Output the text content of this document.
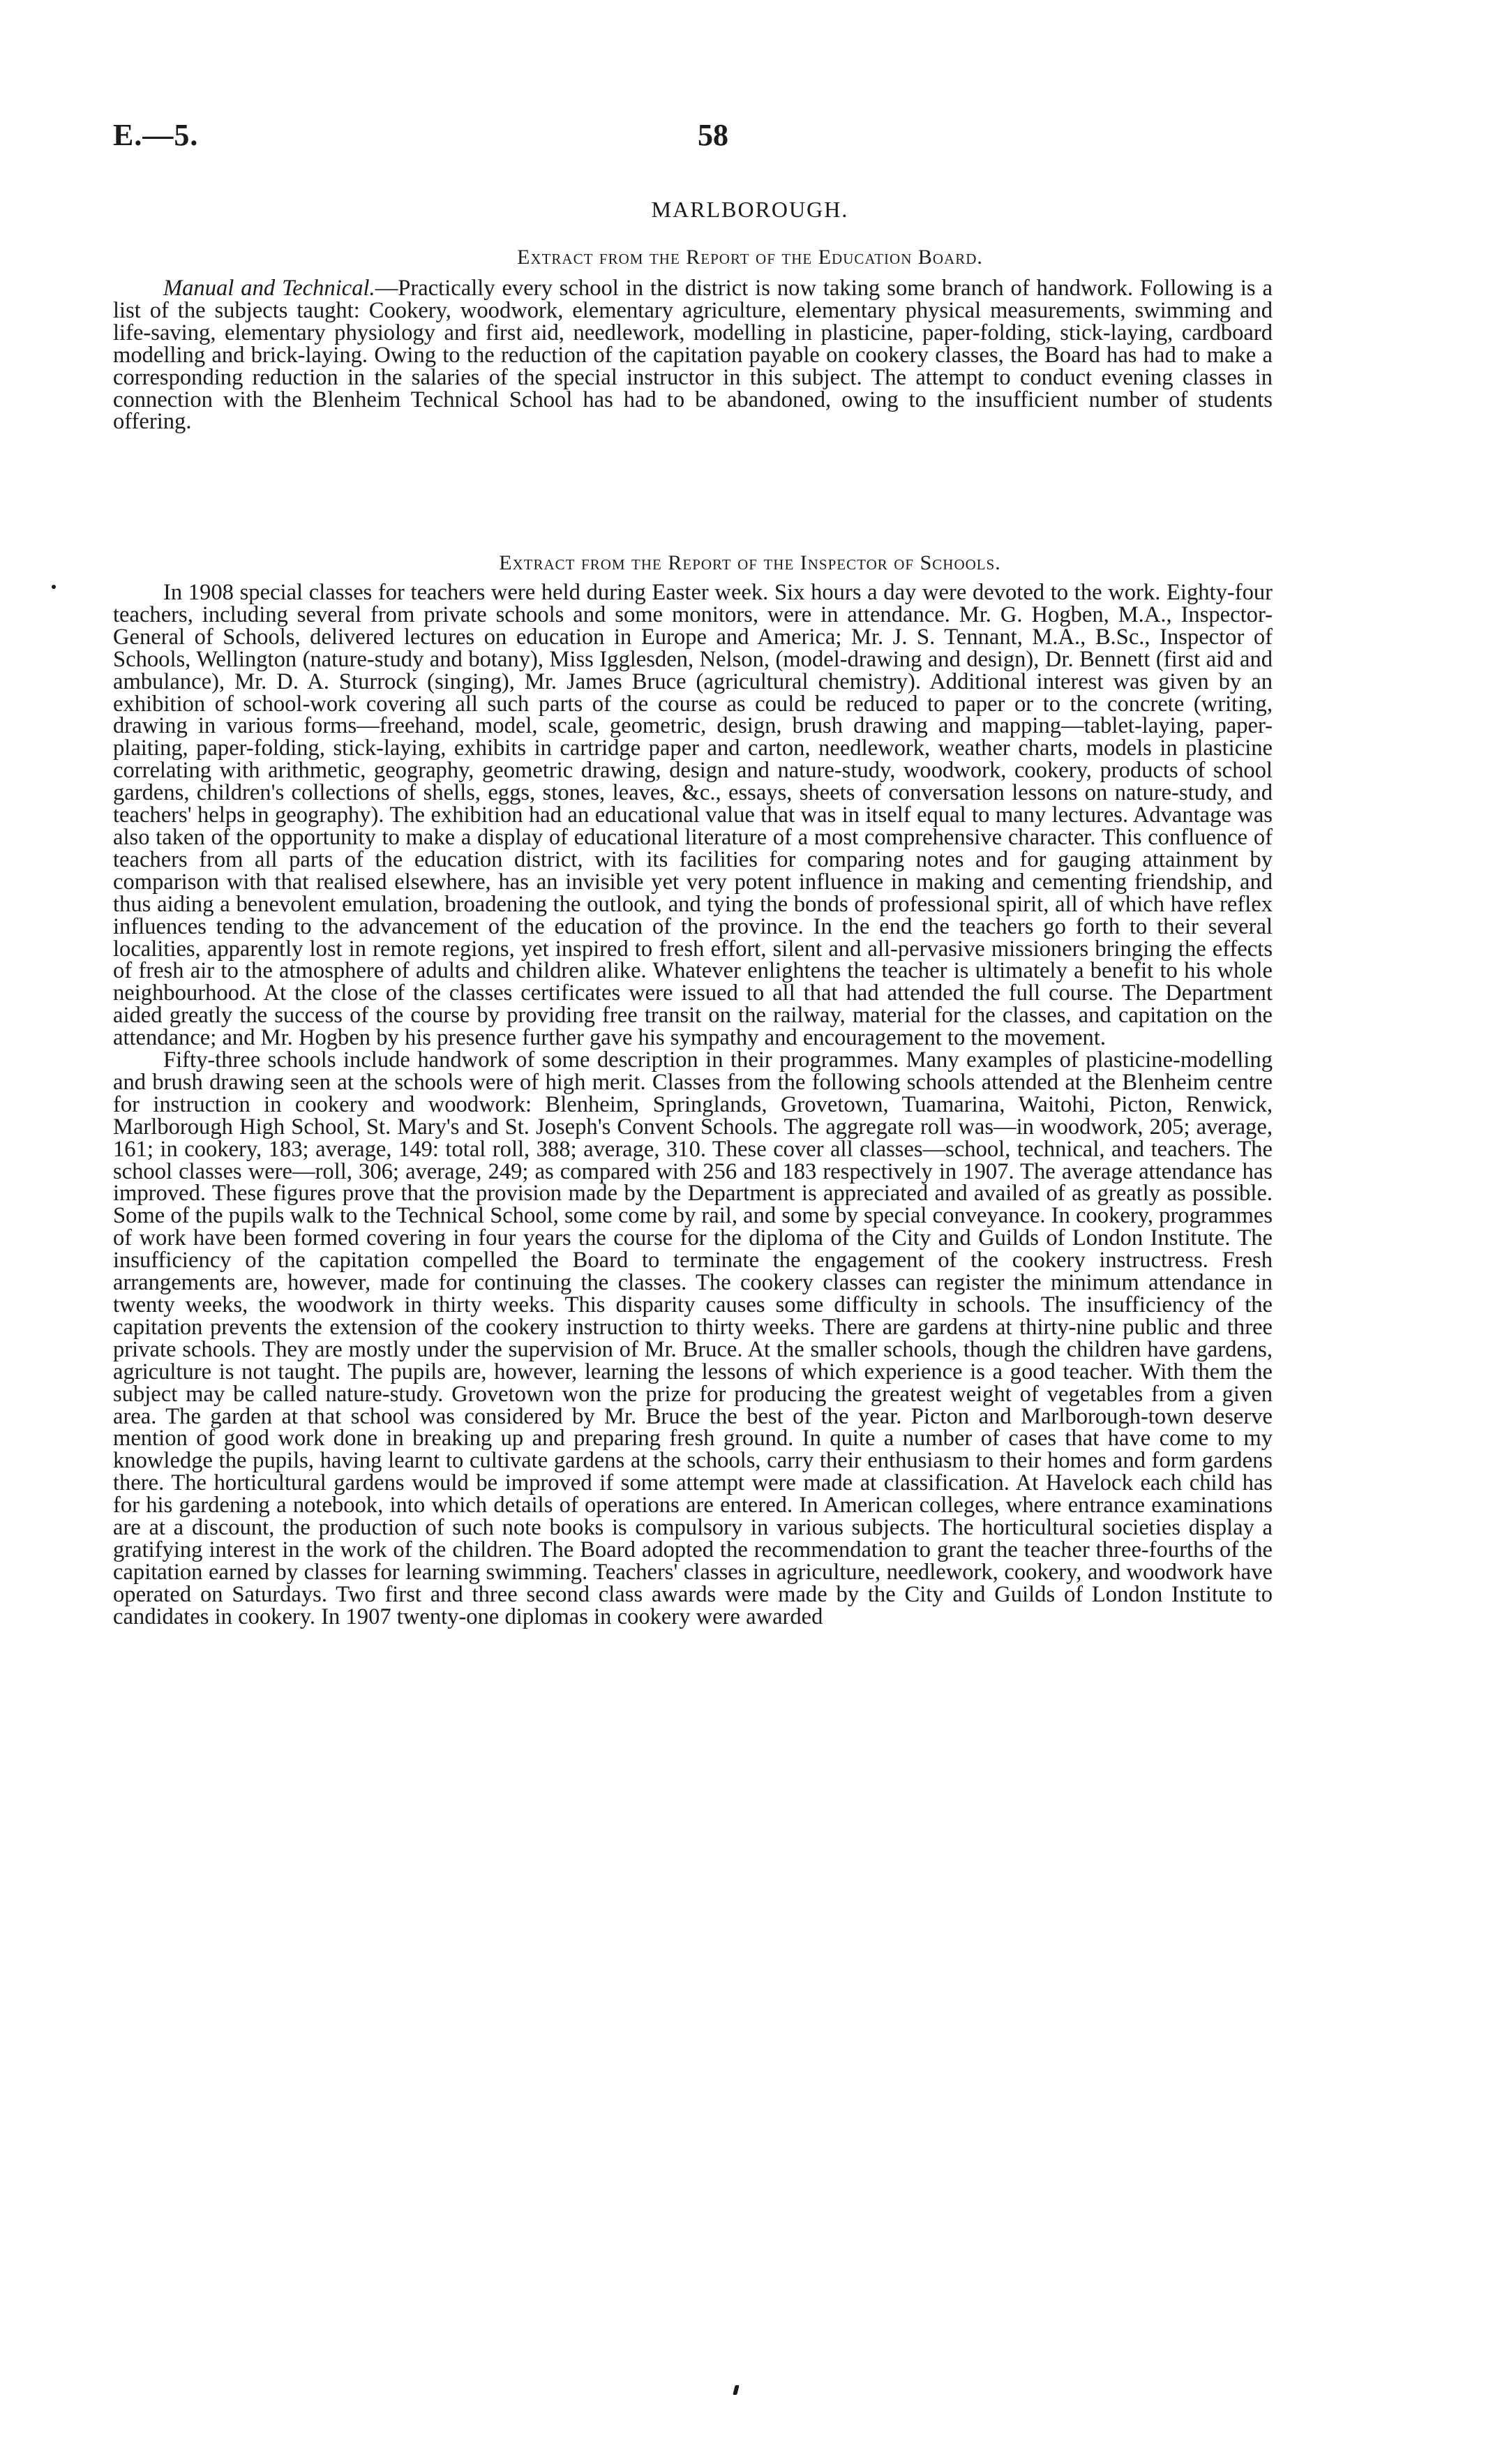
E.—5.	58
MARLBOROUGH.
Extract from the Report of the Education Board.

Manual and Technical.—Practically every school in the district is now taking some branch of handwork. Following is a list of the subjects taught: Cookery, woodwork, elementary agriculture, elementary physical measurements, swimming and life-saving, elementary physiology and first aid, needlework, modelling in plasticine, paper-folding, stick-laying, cardboard modelling and brick-laying. Owing to the reduction of the capitation payable on cookery classes, the Board has had to make a corresponding reduction in the salaries of the special instructor in this subject. The attempt to conduct evening classes in connection with the Blenheim Technical School has had to be abandoned, owing to the insufficient number of students offering.

Extract from the Report of the Inspector of Schools.

In 1908 special classes for teachers were held during Easter week. Six hours a day were devoted to the work. Eighty-four teachers, including several from private schools and some monitors, were in attendance. Mr. G. Hogben, M.A., Inspector-General of Schools, delivered lectures on education in Europe and America; Mr. J. S. Tennant, M.A., B.Sc., Inspector of Schools, Wellington (nature-study and botany), Miss Igglesden, Nelson, (model-drawing and design), Dr. Bennett (first aid and ambulance), Mr. D. A. Sturrock (singing), Mr. James Bruce (agricultural chemistry). Additional interest was given by an exhibition of school-work covering all such parts of the course as could be reduced to paper or to the concrete (writing, drawing in various forms—freehand, model, scale, geometric, design, brush drawing and mapping—tablet-laying, paper-plaiting, paper-folding, stick-laying, exhibits in cartridge paper and carton, needlework, weather charts, models in plasticine correlating with arithmetic, geography, geometric drawing, design and nature-study, woodwork, cookery, products of school gardens, children's collections of shells, eggs, stones, leaves, &c., essays, sheets of conversation lessons on nature-study, and teachers' helps in geography). The exhibition had an educational value that was in itself equal to many lectures. Advantage was also taken of the opportunity to make a display of educational literature of a most comprehensive character. This confluence of teachers from all parts of the education district, with its facilities for comparing notes and for gauging attainment by comparison with that realised elsewhere, has an invisible yet very potent influence in making and cementing friendship, and thus aiding a benevolent emulation, broadening the outlook, and tying the bonds of professional spirit, all of which have reflex influences tending to the advancement of the education of the province. In the end the teachers go forth to their several localities, apparently lost in remote regions, yet inspired to fresh effort, silent and all-pervasive missioners bringing the effects of fresh air to the atmosphere of adults and children alike. Whatever enlightens the teacher is ultimately a benefit to his whole neighbourhood. At the close of the classes certificates were issued to all that had attended the full course. The Department aided greatly the success of the course by providing free transit on the railway, material for the classes, and capitation on the attendance; and Mr. Hogben by his presence further gave his sympathy and encouragement to the movement.

Fifty-three schools include handwork of some description in their programmes. Many examples of plasticine-modelling and brush drawing seen at the schools were of high merit. Classes from the following schools attended at the Blenheim centre for instruction in cookery and woodwork: Blenheim, Springlands, Grovetown, Tuamarina, Waitohi, Picton, Renwick, Marlborough High School, St. Mary's and St. Joseph's Convent Schools. The aggregate roll was—in woodwork, 205; average, 161; in cookery, 183; average, 149: total roll, 388; average, 310. These cover all classes—school, technical, and teachers. The school classes were—roll, 306; average, 249; as compared with 256 and 183 respectively in 1907. The average attendance has improved. These figures prove that the provision made by the Department is appreciated and availed of as greatly as possible. Some of the pupils walk to the Technical School, some come by rail, and some by special conveyance. In cookery, programmes of work have been formed covering in four years the course for the diploma of the City and Guilds of London Institute. The insufficiency of the capitation compelled the Board to terminate the engagement of the cookery instructress. Fresh arrangements are, however, made for continuing the classes. The cookery classes can register the minimum attendance in twenty weeks, the woodwork in thirty weeks. This disparity causes some difficulty in schools. The insufficiency of the capitation prevents the extension of the cookery instruction to thirty weeks. There are gardens at thirty-nine public and three private schools. They are mostly under the supervision of Mr. Bruce. At the smaller schools, though the children have gardens, agriculture is not taught. The pupils are, however, learning the lessons of which experience is a good teacher. With them the subject may be called nature-study. Grovetown won the prize for producing the greatest weight of vegetables from a given area. The garden at that school was considered by Mr. Bruce the best of the year. Picton and Marlborough-town deserve mention of good work done in breaking up and preparing fresh ground. In quite a number of cases that have come to my knowledge the pupils, having learnt to cultivate gardens at the schools, carry their enthusiasm to their homes and form gardens there. The horticultural gardens would be improved if some attempt were made at classification. At Havelock each child has for his gardening a notebook, into which details of operations are entered. In American colleges, where entrance examinations are at a discount, the production of such note books is compulsory in various subjects. The horticultural societies display a gratifying interest in the work of the children. The Board adopted the recommendation to grant the teacher three-fourths of the capitation earned by classes for learning swimming. Teachers' classes in agriculture, needlework, cookery, and woodwork have operated on Saturdays. Two first and three second class awards were made by the City and Guilds of London Institute to candidates in cookery. In 1907 twenty-one diplomas in cookery were awarded
